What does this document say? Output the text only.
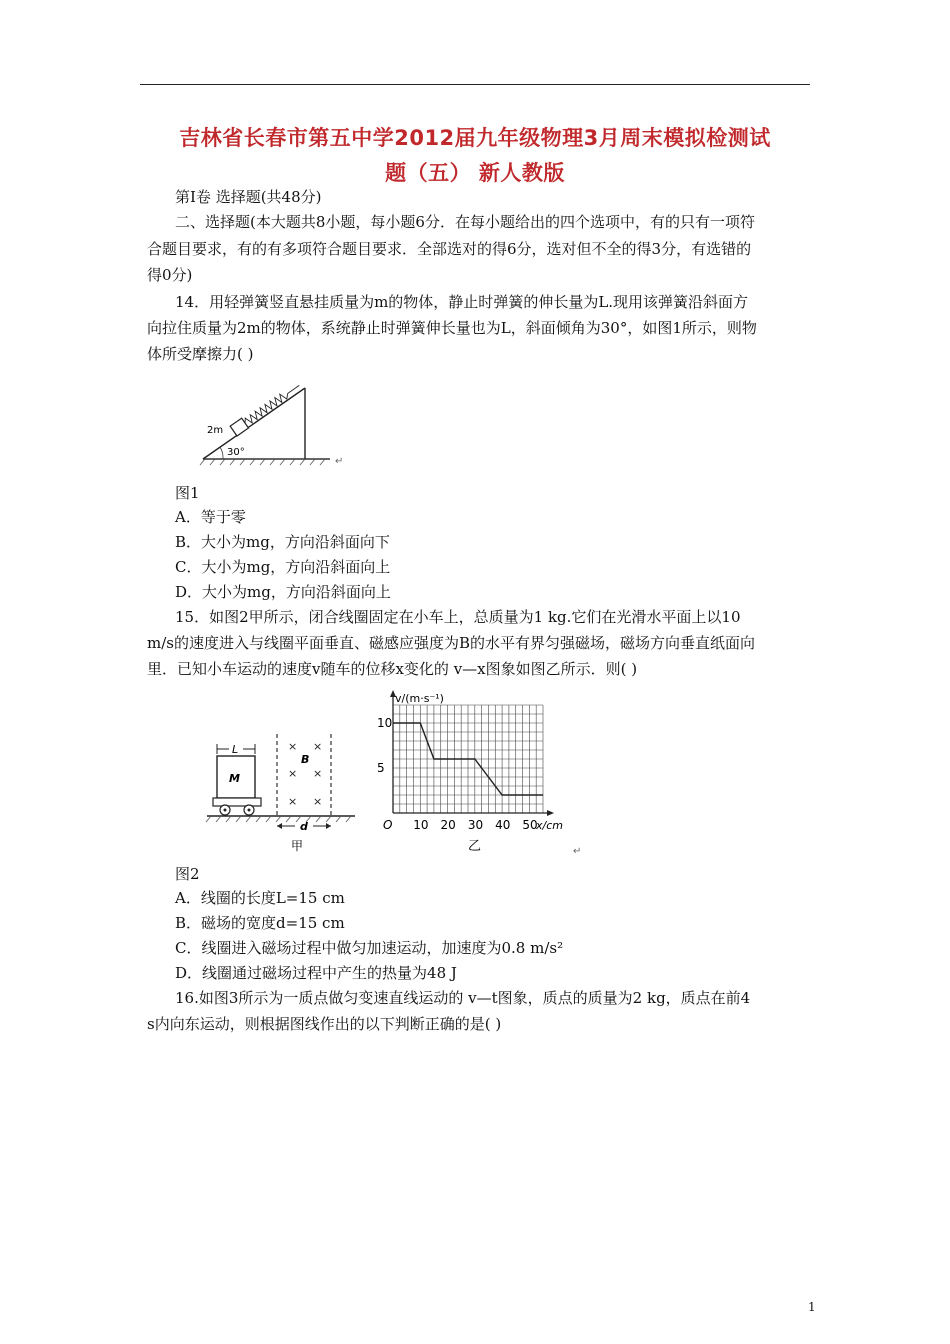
吉林省长春市第五中学2012届九年级物理3月周末模拟检测试
题（五） 新人教版
第Ⅰ卷 选择题(共48分)
二、选择题(本大题共8小题，每小题6分．在每小题给出的四个选项中，有的只有一项符
合题目要求，有的有多项符合题目要求．全部选对的得6分，选对但不全的得3分，有选错的
得0分)
14．用轻弹簧竖直悬挂质量为m的物体，静止时弹簧的伸长量为L.现用该弹簧沿斜面方
向拉住质量为2m的物体，系统静止时弹簧伸长量也为L，斜面倾角为30°，如图1所示，则物
体所受摩擦力( )
30°
2m
↵
图1
A．等于零
B．大小为mg，方向沿斜面向下
C．大小为mg，方向沿斜面向上
D．大小为mg，方向沿斜面向上
15．如图2甲所示，闭合线圈固定在小车上，总质量为1 kg.它们在光滑水平面上以10
m/s的速度进入与线圈平面垂直、磁感应强度为B的水平有界匀强磁场，磁场方向垂直纸面向
里．已知小车运动的速度v随车的位移x变化的 v—x图象如图乙所示．则( )
L
M
× ×
× ×
× ×
B
d
甲
v/(m·s⁻¹)
x/cm
O 10 20 30 40 50
10
5
乙	↵
图2
A．线圈的长度L=15 cm
B．磁场的宽度d=15 cm
C．线圈进入磁场过程中做匀加速运动，加速度为0.8 m/s²
D．线圈通过磁场过程中产生的热量为48 J
16.如图3所示为一质点做匀变速直线运动的 v—t图象，质点的质量为2 kg，质点在前4
s内向东运动，则根据图线作出的以下判断正确的是( )
1
